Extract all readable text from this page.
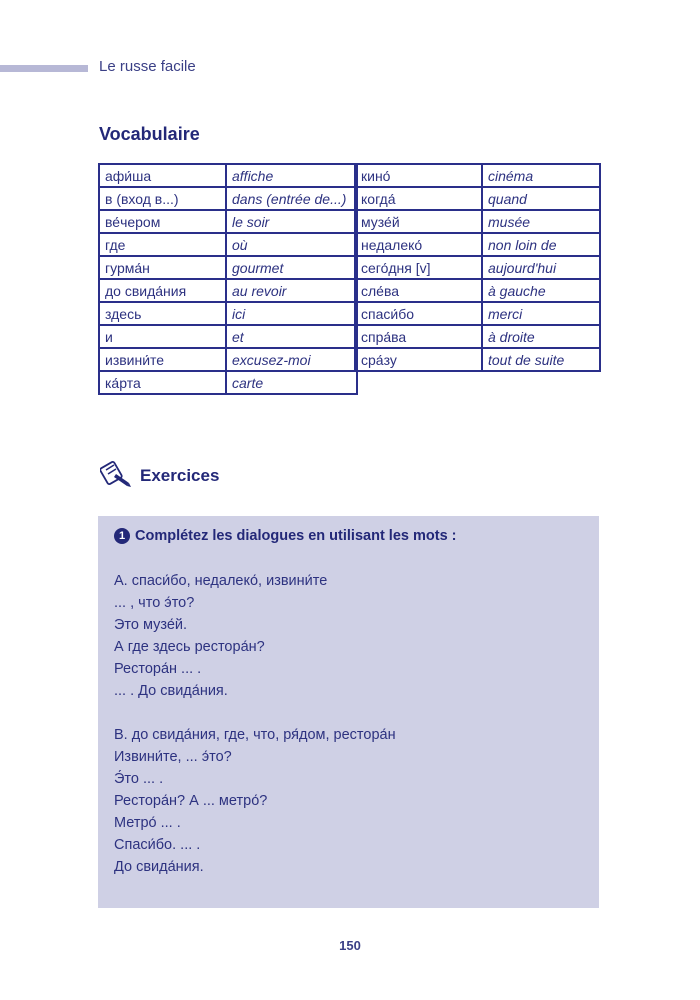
Le russe facile
Vocabulaire
афи́ша	affiche
в (вход в...)	dans (entrée de...)
ве́чером	le soir
где	où
гурма́н	gourmet
до свида́ния	au revoir
здесь	ici
и	et
извини́те	excusez-moi
ка́рта	carte
кино́	cinéma
когда́	quand
музе́й	musée
недалеко́	non loin de
сего́дня [v]	aujourd'hui
сле́ва	à gauche
спаси́бо	merci
спра́ва	à droite
сра́зу	tout de suite
Exercices
1 Complétez les dialogues en utilisant les mots :
A. спаси́бо, недалеко́, извини́те
... , что э́то?
Это музе́й.
А где здесь рестора́н?
Рестора́н ... .
... . До свида́ния.
B. до свида́ния, где, что, ря́дом, рестора́н
Извини́те, ... э́то?
Э́то ... .
Рестора́н? А ... метро́?
Метро́ ... .
Спаси́бо. ... .
До свида́ния.
150
